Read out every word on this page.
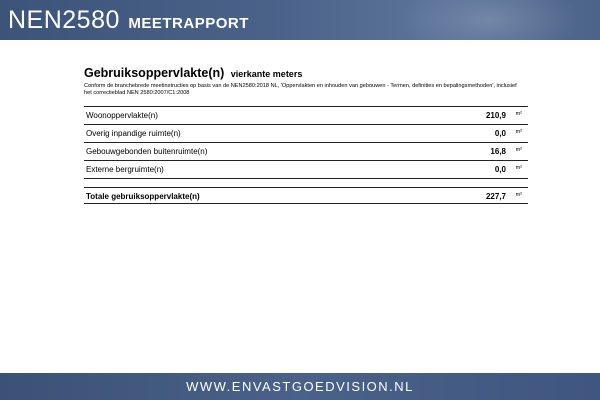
NEN2580 MEETRAPPORT
Gebruiksoppervlakte(n) vierkante meters
Conform de branchebrede meetinstructies op basis van de NEN2580:2018 NL, 'Oppervlakten en inhouden van gebouwen - Termen, definities en bepalingsmethoden', inclusief het correctieblad NEN 2580:2007/C1:2008
Woonoppervlakte(n)	210,9 m²
Overig inpandige ruimte(n)	0,0 m²
Gebouwgebonden buitenruimte(n)	16,8 m²
Externe bergruimte(n)	0,0 m²
Totale gebruiksoppervlakte(n)	227,7 m²
WWW.ENVASTGOEDVISION.NL
